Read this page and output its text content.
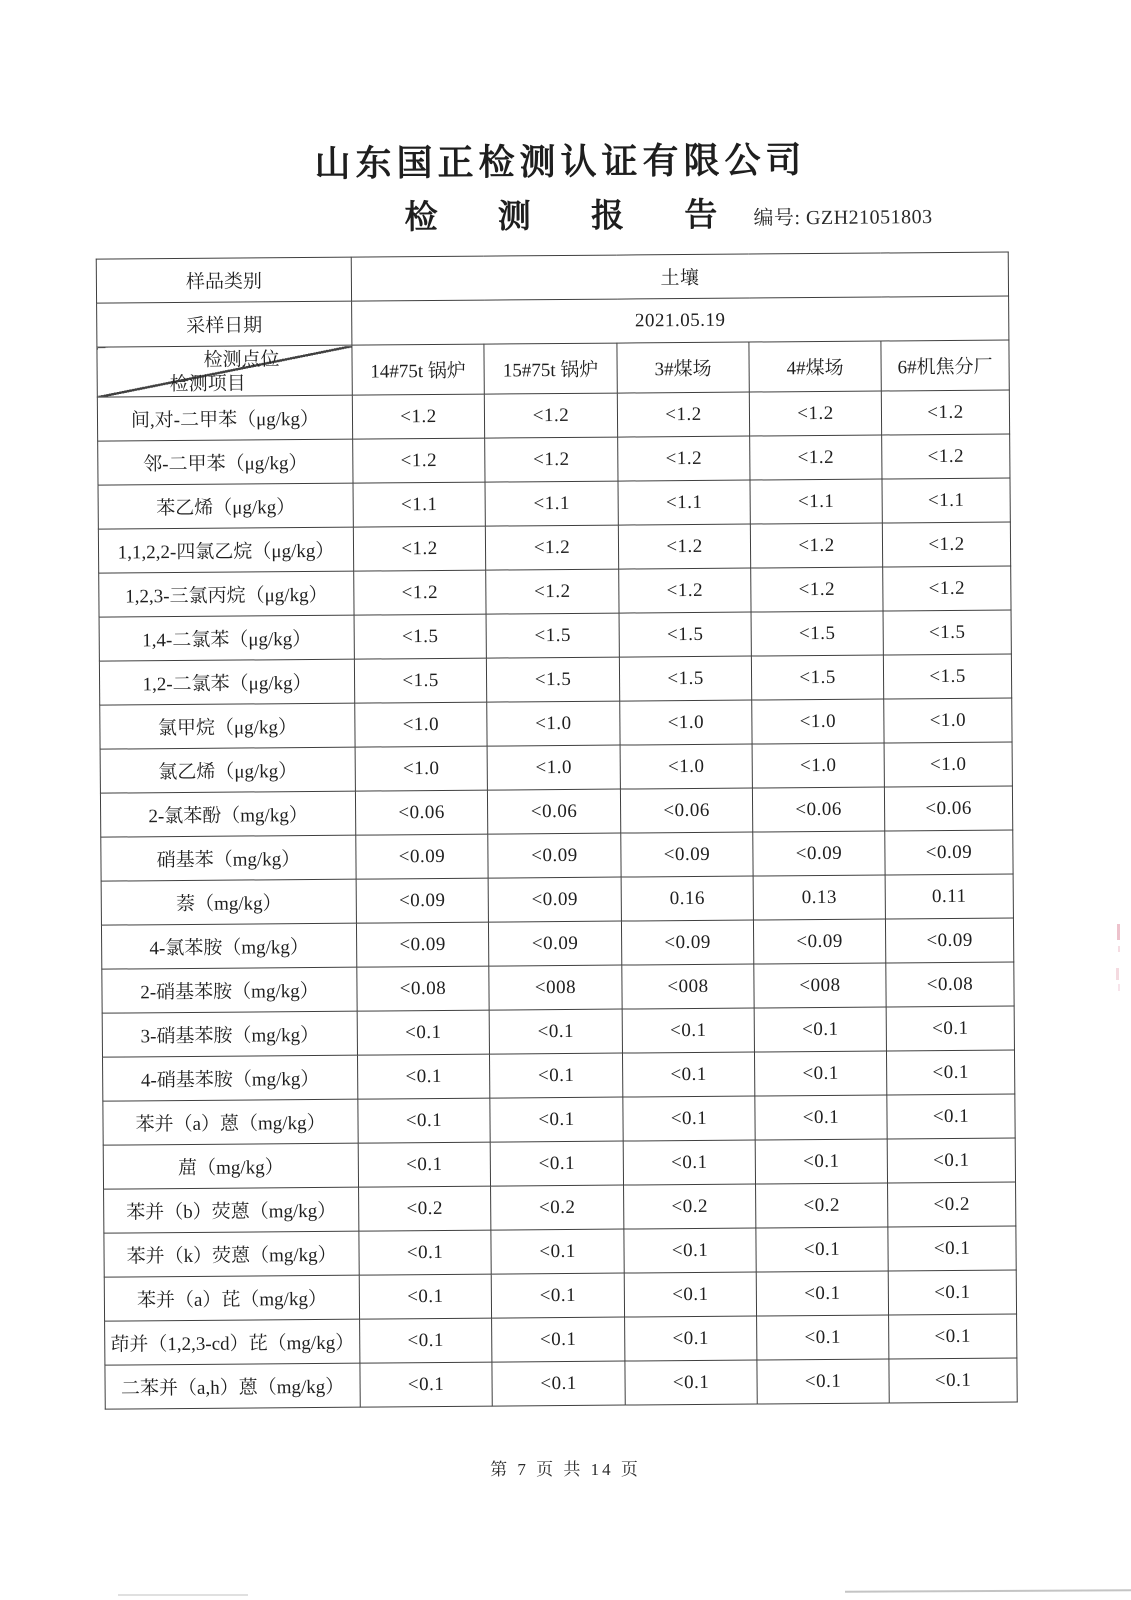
山东国正检测认证有限公司
检 测 报 告 编号: GZH21051803
样品类别	土壤				
采样日期	2021.05.19				

检测点位
检测项目	14#75t 锅炉	15#75t 锅炉	3#煤场	4#煤场	6#机焦分厂
间,对-二甲苯（μg/kg）	<1.2	<1.2	<1.2	<1.2	<1.2
邻-二甲苯（μg/kg）	<1.2	<1.2	<1.2	<1.2	<1.2
苯乙烯（μg/kg）	<1.1	<1.1	<1.1	<1.1	<1.1
1,1,2,2-四氯乙烷（μg/kg）	<1.2	<1.2	<1.2	<1.2	<1.2
1,2,3-三氯丙烷（μg/kg）	<1.2	<1.2	<1.2	<1.2	<1.2
1,4-二氯苯（μg/kg）	<1.5	<1.5	<1.5	<1.5	<1.5
1,2-二氯苯（μg/kg）	<1.5	<1.5	<1.5	<1.5	<1.5
氯甲烷（μg/kg）	<1.0	<1.0	<1.0	<1.0	<1.0
氯乙烯（μg/kg）	<1.0	<1.0	<1.0	<1.0	<1.0
2-氯苯酚（mg/kg）	<0.06	<0.06	<0.06	<0.06	<0.06
硝基苯（mg/kg）	<0.09	<0.09	<0.09	<0.09	<0.09
萘（mg/kg）	<0.09	<0.09	0.16	0.13	0.11
4-氯苯胺（mg/kg）	<0.09	<0.09	<0.09	<0.09	<0.09
2-硝基苯胺（mg/kg）	<0.08	<008	<008	<008	<0.08
3-硝基苯胺（mg/kg）	<0.1	<0.1	<0.1	<0.1	<0.1
4-硝基苯胺（mg/kg）	<0.1	<0.1	<0.1	<0.1	<0.1
苯并（a）蒽（mg/kg）	<0.1	<0.1	<0.1	<0.1	<0.1
䓛（mg/kg）	<0.1	<0.1	<0.1	<0.1	<0.1
苯并（b）荧蒽（mg/kg）	<0.2	<0.2	<0.2	<0.2	<0.2
苯并（k）荧蒽（mg/kg）	<0.1	<0.1	<0.1	<0.1	<0.1
苯并（a）芘（mg/kg）	<0.1	<0.1	<0.1	<0.1	<0.1
茚并（1,2,3-cd）芘（mg/kg）	<0.1	<0.1	<0.1	<0.1	<0.1
二苯并（a,h）蒽（mg/kg）	<0.1	<0.1	<0.1	<0.1	<0.1
第 7 页 共 14 页
